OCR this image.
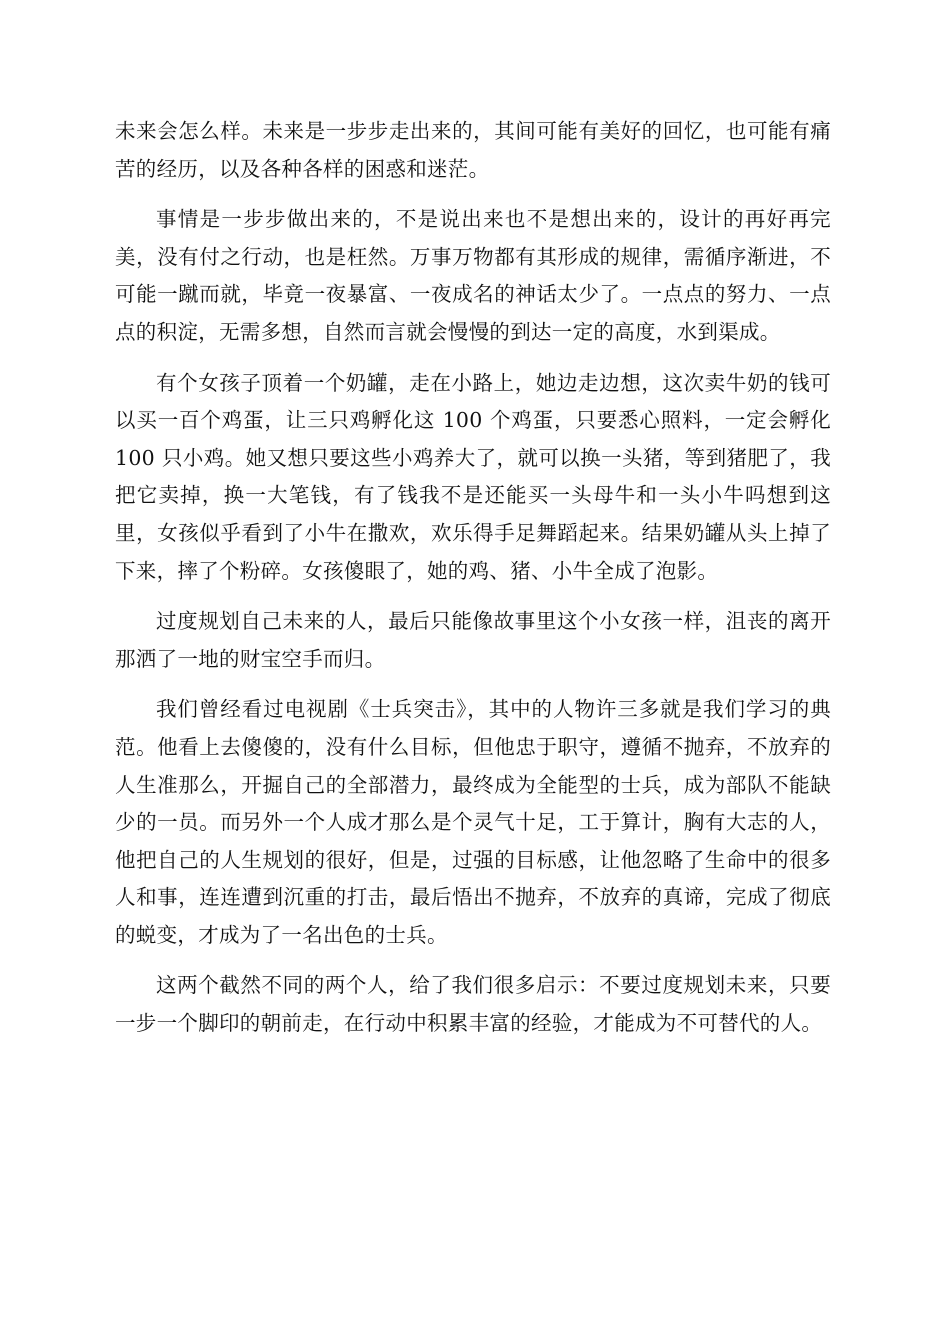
未来会怎么样。未来是一步步走出来的，其间可能有美好的回忆，也可能有痛苦的经历，以及各种各样的困惑和迷茫。

事情是一步步做出来的，不是说出来也不是想出来的，设计的再好再完美，没有付之行动，也是枉然。万事万物都有其形成的规律，需循序渐进，不可能一蹴而就，毕竟一夜暴富、一夜成名的神话太少了。一点点的努力、一点点的积淀，无需多想，自然而言就会慢慢的到达一定的高度，水到渠成。

有个女孩子顶着一个奶罐，走在小路上，她边走边想，这次卖牛奶的钱可以买一百个鸡蛋，让三只鸡孵化这 100 个鸡蛋，只要悉心照料，一定会孵化 100 只小鸡。她又想只要这些小鸡养大了，就可以换一头猪，等到猪肥了，我把它卖掉，换一大笔钱，有了钱我不是还能买一头母牛和一头小牛吗想到这里，女孩似乎看到了小牛在撒欢，欢乐得手足舞蹈起来。结果奶罐从头上掉了下来，摔了个粉碎。女孩傻眼了，她的鸡、猪、小牛全成了泡影。

过度规划自己未来的人，最后只能像故事里这个小女孩一样，沮丧的离开那洒了一地的财宝空手而归。

我们曾经看过电视剧《士兵突击》，其中的人物许三多就是我们学习的典范。他看上去傻傻的，没有什么目标，但他忠于职守，遵循不抛弃，不放弃的人生准那么，开掘自己的全部潜力，最终成为全能型的士兵，成为部队不能缺少的一员。而另外一个人成才那么是个灵气十足，工于算计，胸有大志的人，他把自己的人生规划的很好，但是，过强的目标感，让他忽略了生命中的很多人和事，连连遭到沉重的打击，最后悟出不抛弃，不放弃的真谛，完成了彻底的蜕变，才成为了一名出色的士兵。

这两个截然不同的两个人，给了我们很多启示：不要过度规划未来，只要一步一个脚印的朝前走，在行动中积累丰富的经验，才能成为不可替代的人。
